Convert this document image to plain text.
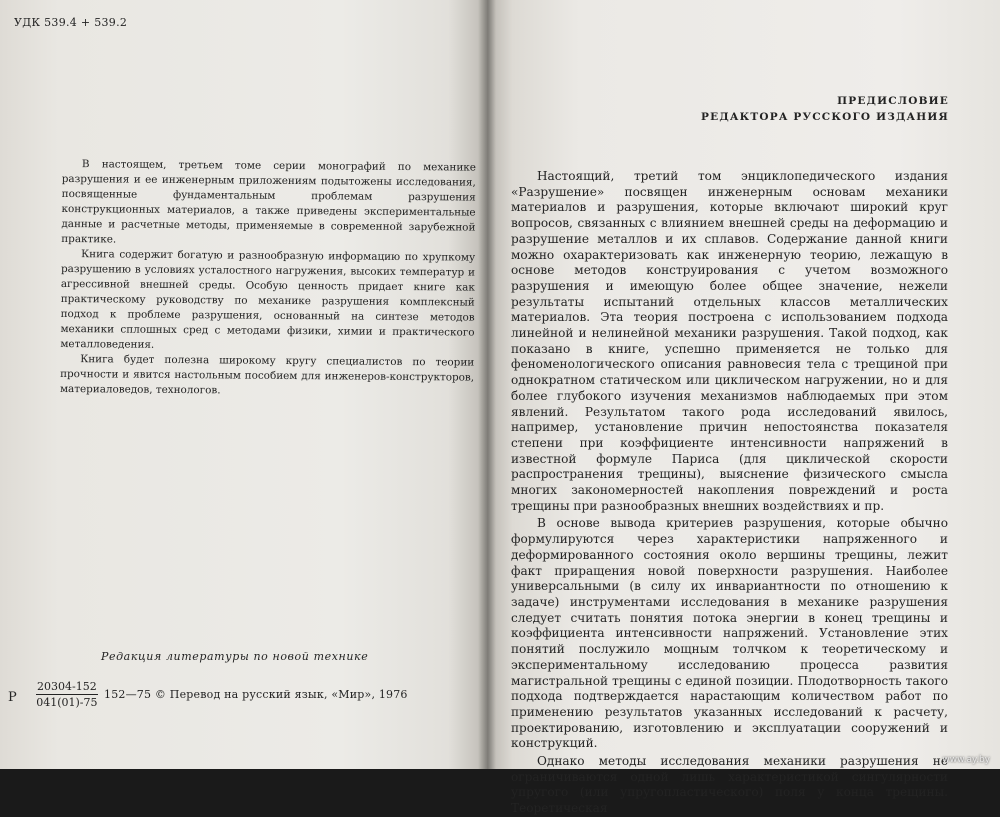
УДК 539.4 + 539.2

В настоящем, третьем томе серии монографий по механике разрушения и ее инженерным приложениям подытожены исследования, посвященные фундаментальным проблемам разрушения конструкционных материалов, а также приведены экспериментальные данные и расчетные методы, применяемые в современной зарубежной практике.

Книга содержит богатую и разнообразную информацию по хрупкому разрушению в условиях усталостного нагружения, высоких температур и агрессивной внешней среды. Особую ценность придает книге как практическому руководству по механике разрушения комплексный подход к проблеме разрушения, основанный на синтезе методов механики сплошных сред с методами физики, химии и практического металловедения.

Книга будет полезна широкому кругу специалистов по теории прочности и явится настольным пособием для инженеров-конструкторов, материаловедов, технологов.

Редакция литературы по новой технике
Р $\frac{20304-152}{041(01)-75}$ 152—75 © Перевод на русский язык, «Мир», 1976
ПРЕДИСЛОВИЕ
РЕДАКТОРА РУССКОГО ИЗДАНИЯ

Настоящий, третий том энциклопедического издания «Разрушение» посвящен инженерным основам механики материалов и разрушения, которые включают широкий круг вопросов, связанных с влиянием внешней среды на деформацию и разрушение металлов и их сплавов. Содержание данной книги можно охарактеризовать как инженерную теорию, лежащую в основе методов конструирования с учетом возможного разрушения и имеющую более общее значение, нежели результаты испытаний отдельных классов металлических материалов. Эта теория построена с использованием подхода линейной и нелинейной механики разрушения. Такой подход, как показано в книге, успешно применяется не только для феноменологического описания равновесия тела с трещиной при однократном статическом или циклическом нагружении, но и для более глубокого изучения механизмов наблюдаемых при этом явлений. Результатом такого рода исследований явилось, например, установление причин непостоянства показателя степени при коэффициенте интенсивности напряжений в известной формуле Париса (для циклической скорости распространения трещины), выяснение физического смысла многих закономерностей накопления повреждений и роста трещины при разнообразных внешних воздействиях и пр.

В основе вывода критериев разрушения, которые обычно формулируются через характеристики напряженного и деформированного состояния около вершины трещины, лежит факт приращения новой поверхности разрушения. Наиболее универсальными (в силу их инвариантности по отношению к задаче) инструментами исследования в механике разрушения следует считать понятия потока энергии в конец трещины и коэффициента интенсивности напряжений. Установление этих понятий послужило мощным толчком к теоретическому и экспериментальному исследованию процесса развития магистральной трещины с единой позиции. Плодотворность такого подхода подтверждается нарастающим количеством работ по применению результатов указанных исследований к расчету, проектированию, изготовлению и эксплуатации сооружений и конструкций.

Однако методы исследования механики разрушения не ограничиваются одной лишь характеристикой сингулярности упругого (или упругопластического) поля у конца трещины. Теоретическая

www.ay.by
